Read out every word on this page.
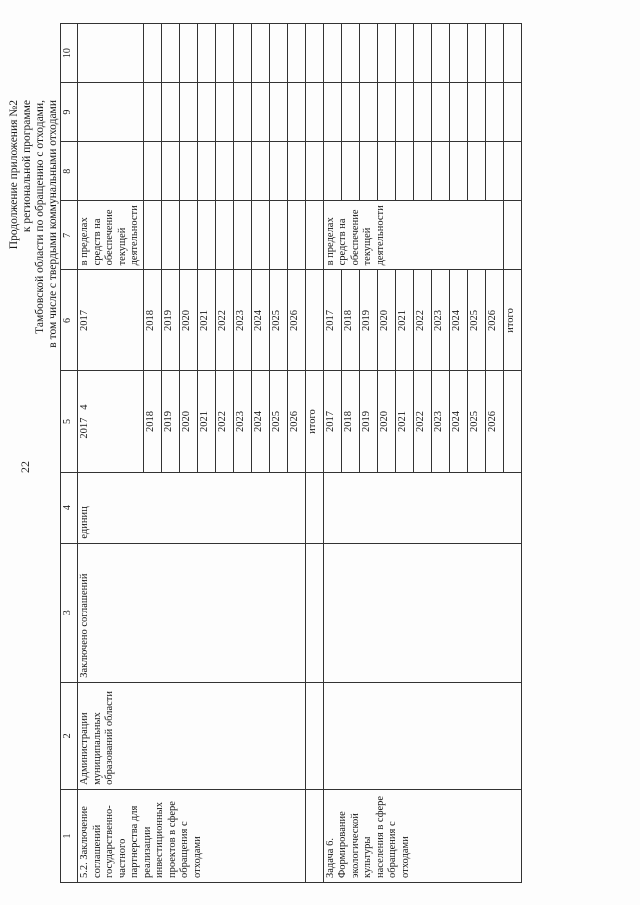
22
Продолжение приложения №2 к региональной программе Тамбовской области по обращению с отходами, в том числе с твердыми коммунальными отходами
1	2	3	4	5	6	7	8	9	10
5.2. Заключение соглашений государственно-частного партнерства для реализации инвестиционных проектов в сфере обращения с отходами	Администрации муниципальных образований области	Заключено соглашений	единиц	2017   4	2017	в пределах средств на обеспечение текущей деятельности			

				2018	2018				
				2019	2019				
				2020	2020				
				2021	2021				
				2022	2022				
				2023	2023				
				2024	2024				
				2025	2025				
				2026	2026				
				итого					
Задача 6. Формирование экологической культуры населения в сфере обращения с отходами				2017	2017	в пределах средств на обеспечение текущей деятельности			
				2018	2018				
				2019	2019				
				2020	2020				
				2021	2021				
				2022	2022				
				2023	2023				
				2024	2024				
				2025	2025				
				2026	2026				
					итого				
